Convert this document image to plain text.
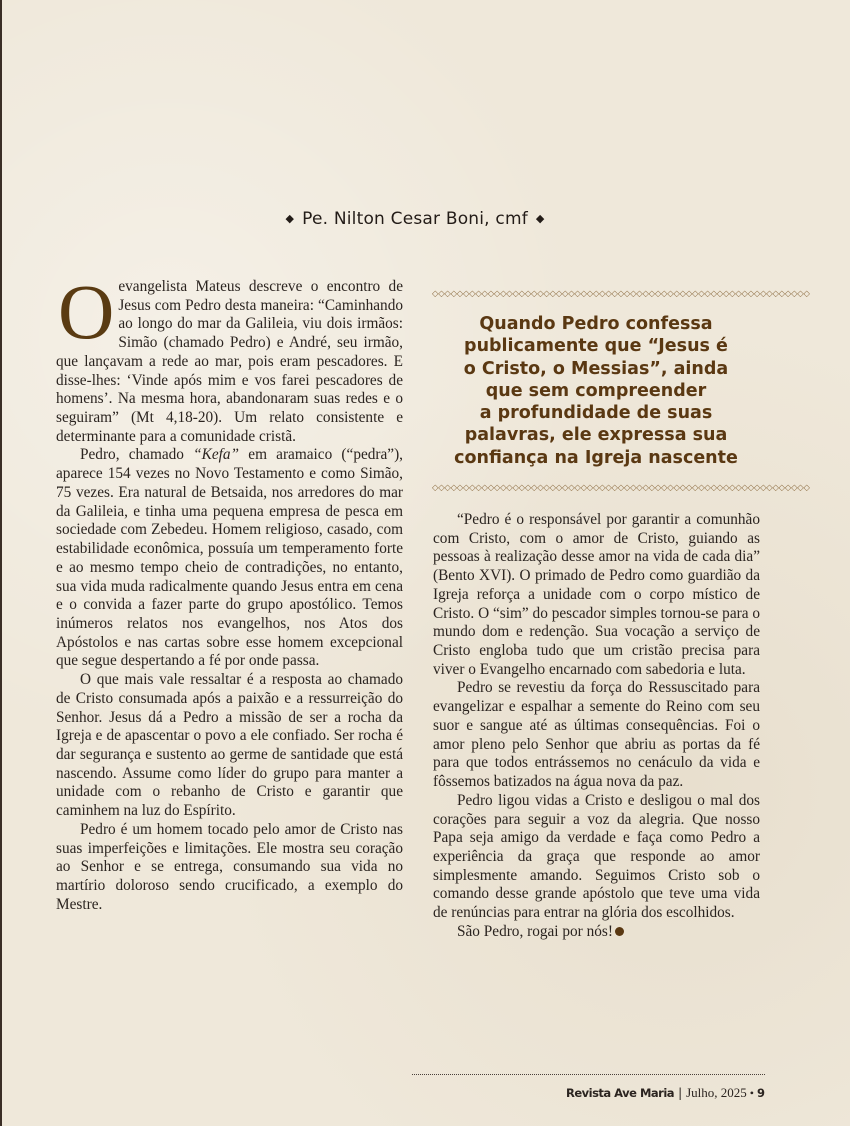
◆ Pe. Nilton Cesar Boni, cmf ◆

O evangelista Mateus descreve o encontro de Jesus com Pedro desta maneira: “Caminhando ao longo do mar da Galileia, viu dois irmãos: Simão (chamado Pedro) e André, seu irmão, que lançavam a rede ao mar, pois eram pescadores. E disse-lhes: ‘Vinde após mim e vos farei pescadores de homens’. Na mesma hora, abandonaram suas redes e o seguiram” (Mt 4,18-20). Um relato consistente e determinante para a comunidade cristã.

Pedro, chamado “Kefa” em aramaico (“pedra”), aparece 154 vezes no Novo Testamento e como Simão, 75 vezes. Era natural de Betsaida, nos arredores do mar da Galileia, e tinha uma pequena empresa de pesca em sociedade com Zebedeu. Homem religioso, casado, com estabilidade econômica, possuía um temperamento forte e ao mesmo tempo cheio de contradições, no entanto, sua vida muda radicalmente quando Jesus entra em cena e o convida a fazer parte do grupo apostólico. Temos inúmeros relatos nos evangelhos, nos Atos dos Apóstolos e nas cartas sobre esse homem excepcional que segue despertando a fé por onde passa.

O que mais vale ressaltar é a resposta ao chamado de Cristo consumada após a paixão e a ressurreição do Senhor. Jesus dá a Pedro a missão de ser a rocha da Igreja e de apascentar o povo a ele confiado. Ser rocha é dar segurança e sustento ao germe de santidade que está nascendo. Assume como líder do grupo para manter a unidade com o rebanho de Cristo e garantir que caminhem na luz do Espírito.

Pedro é um homem tocado pelo amor de Cristo nas suas imperfeições e limitações. Ele mostra seu coração ao Senhor e se entrega, consumando sua vida no martírio doloroso sendo crucificado, a exemplo do Mestre.

◇◇◇◇◇◇◇◇◇◇◇◇◇◇◇◇◇◇◇◇◇◇◇◇◇◇◇◇◇◇◇◇◇◇◇◇◇◇◇◇◇◇◇◇◇◇◇◇◇◇◇◇◇◇◇◇◇◇◇◇◇
Quando Pedro confessa
publicamente que “Jesus é
o Cristo, o Messias”, ainda
que sem compreender
a profundidade de suas
palavras, ele expressa sua
confiança na Igreja nascente
◇◇◇◇◇◇◇◇◇◇◇◇◇◇◇◇◇◇◇◇◇◇◇◇◇◇◇◇◇◇◇◇◇◇◇◇◇◇◇◇◇◇◇◇◇◇◇◇◇◇◇◇◇◇◇◇◇◇◇◇◇

“Pedro é o responsável por garantir a comunhão com Cristo, com o amor de Cristo, guiando as pessoas à realização desse amor na vida de cada dia” (Bento XVI). O primado de Pedro como guardião da Igreja reforça a unidade com o corpo místico de Cristo. O “sim” do pescador simples tornou-se para o mundo dom e redenção. Sua vocação a serviço de Cristo engloba tudo que um cristão precisa para viver o Evangelho encarnado com sabedoria e luta.

Pedro se revestiu da força do Ressuscitado para evangelizar e espalhar a semente do Reino com seu suor e sangue até as últimas consequências. Foi o amor pleno pelo Senhor que abriu as portas da fé para que todos entrássemos no cenáculo da vida e fôssemos batizados na água nova da paz.

Pedro ligou vidas a Cristo e desligou o mal dos corações para seguir a voz da alegria. Que nosso Papa seja amigo da verdade e faça como Pedro a experiência da graça que responde ao amor simplesmente amando. Seguimos Cristo sob o comando desse grande apóstolo que teve uma vida de renúncias para entrar na glória dos escolhidos.

São Pedro, rogai por nós!

Revista Ave Maria | Julho, 2025 • 9
